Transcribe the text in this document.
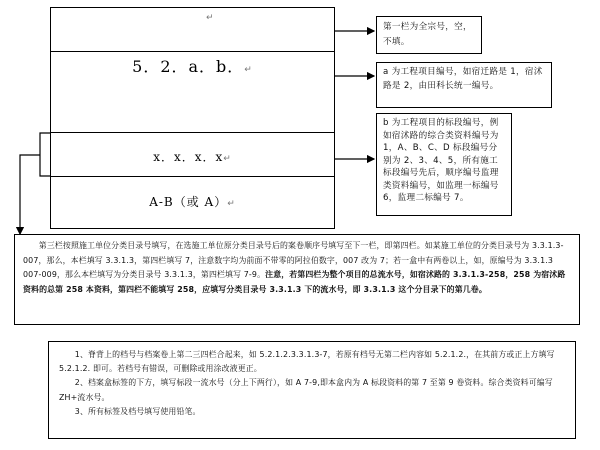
↵
5．2．a．b．↵
x．x．x．x↵
A-B（或 A）↵
第一栏为全宗号，空，不填。
a 为工程项目编号，如宿迁路是 1，宿沭路是 2，由田科长统一编号。
b 为工程项目的标段编号，例如宿沭路的综合类资料编号为 1，A、B、C、D 标段编号分别为 2、3、4、5，所有施工标段编号先后，顺序编号监理类资料编号，如监理一标编号 6，监理二标编号 7。

第三栏按照施工单位分类目录号填写，在选施工单位原分类目录号后的案卷顺序号填写至下一栏，即第四栏。如某施工单位的分类目录号为 3.3.1.3-007，那么，本栏填写 3.3.1.3，第四栏填写 7，注意数字均为前面不带零的阿拉伯数字，007 改为 7；若一盒中有两卷以上，如，原编号为 3.3.1.3 007-009，那么本栏填写为分类目录号 3.3.1.3，第四栏填写 7-9。注意，若第四栏为整个项目的总流水号，如宿沭路的 3.3.1.3-258，258 为宿沭路资料的总第 258 本资料，第四栏不能填写 258，应填写分类目录号 3.3.1.3 下的流水号，即 3.3.1.3 这个分目录下的第几卷。

1、脊背上的档号与档案卷上第二三四栏合起来，如 5.2.1.2.3.3.1.3-7，若原有档号无第二栏内容如 5.2.1.2.，在其前方或正上方填写 5.2.1.2. 即可。若档号有错误，可删除或用涂改液更正。

2、档案盒标签的下方，填写标段一流水号（分上下两行），如 A 7-9,即本盒内为 A 标段资料的第 7 至第 9 卷资料。综合类资料可编写 ZH+流水号。

3、所有标签及档号填写使用铅笔。
